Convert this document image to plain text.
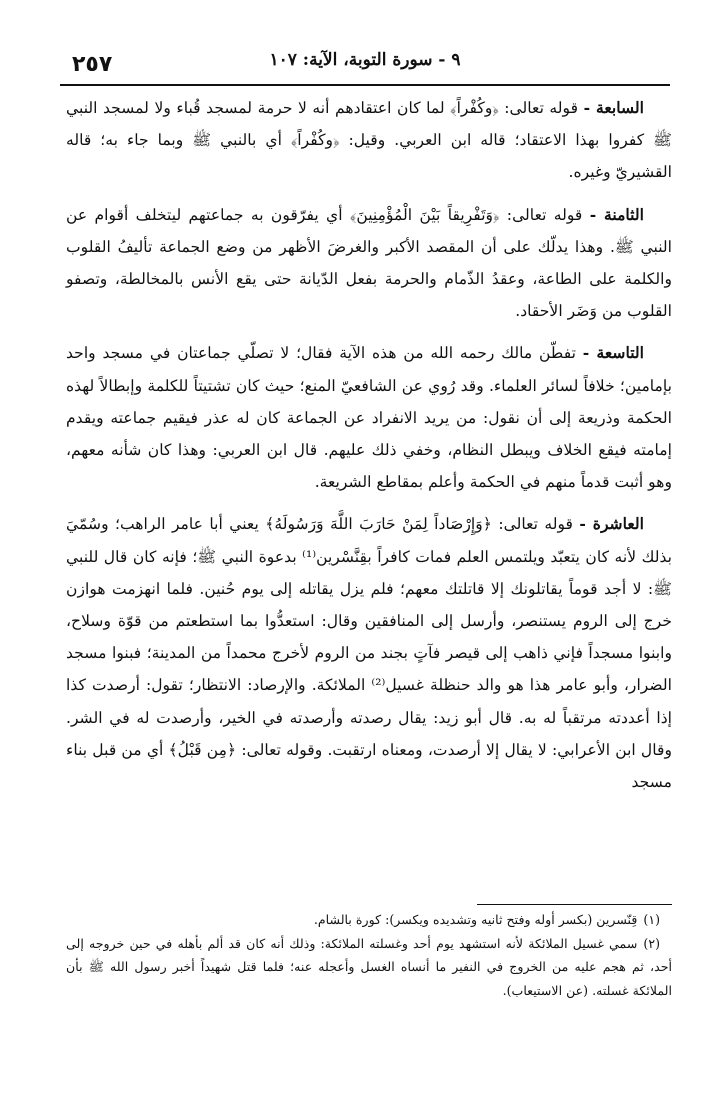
٩ - سورة التوبة، الآية: ١٠٧
٢٥٧

السابعة - قوله تعالى: ﴿وكُفْراً﴾ لما كان اعتقادهم أنه لا حرمة لمسجد قُباء ولا لمسجد النبي ﷺ كفروا بهذا الاعتقاد؛ قاله ابن العربي. وقيل: ﴿وكُفْراً﴾ أي بالنبي ﷺ وبما جاء به؛ قاله القشيريّ وغيره.

الثامنة - قوله تعالى: ﴿وَتَفْرِيقاً بَيْنَ الْمُؤْمِنِينَ﴾ أي يفرّقون به جماعتهم ليتخلف أقوام عن النبي ﷺ. وهذا يدلّك على أن المقصد الأكبر والغرضَ الأظهر من وضع الجماعة تأليفُ القلوب والكلمة على الطاعة، وعقدُ الذّمام والحرمة بفعل الدّيانة حتى يقع الأنس بالمخالطة، وتصفو القلوب من وَضَر الأحقاد.

التاسعة - تفطّن مالك رحمه الله من هذه الآية فقال؛ لا تصلّي جماعتان في مسجد واحد بإمامين؛ خلافاً لسائر العلماء. وقد رُوي عن الشافعيّ المنع؛ حيث كان تشتيتاً للكلمة وإبطالاً لهذه الحكمة وذريعة إلى أن نقول: من يريد الانفراد عن الجماعة كان له عذر فيقيم جماعته ويقدم إمامته فيقع الخلاف ويبطل النظام، وخفي ذلك عليهم. قال ابن العربي: وهذا كان شأنه معهم، وهو أثبت قدماً منهم في الحكمة وأعلم بمقاطع الشريعة.

العاشرة - قوله تعالى: ﴿وَإِرْصَاداً لِمَنْ حَارَبَ اللَّهَ وَرَسُولَهُ﴾ يعني أبا عامر الراهب؛ وسُمّيَ بذلك لأنه كان يتعبّد ويلتمس العلم فمات كافراً بقِنَّسْرين⁽¹⁾ بدعوة النبي ﷺ؛ فإنه كان قال للنبي ﷺ: لا أجد قوماً يقاتلونك إلا قاتلتك معهم؛ فلم يزل يقاتله إلى يوم حُنين. فلما انهزمت هوازن خرج إلى الروم يستنصر، وأرسل إلى المنافقين وقال: استعدُّوا بما استطعتم من قوّة وسلاح، وابنوا مسجداً فإني ذاهب إلى قيصر فآتٍ بجند من الروم لأخرج محمداً من المدينة؛ فبنوا مسجد الضرار، وأبو عامر هذا هو والد حنظلة غسيل⁽²⁾ الملائكة. والإرصاد: الانتظار؛ تقول: أرصدت كذا إذا أعددته مرتقباً له به. قال أبو زيد: يقال رصدته وأرصدته في الخير، وأرصدت له في الشر. وقال ابن الأعرابي: لا يقال إلا أرصدت، ومعناه ارتقبت. وقوله تعالى: ﴿مِن قَبْلُ﴾ أي من قبل بناء مسجد

(١)قِنّسرين (بكسر أوله وفتح ثانيه وتشديده ويكسر): كورة بالشام.

(٢)سمي غسيل الملائكة لأنه استشهد يوم أحد وغسلته الملائكة: وذلك أنه كان قد ألم بأهله في حين خروجه إلى أحد، ثم هجم عليه من الخروج في النفير ما أنساه الغسل وأعجله عنه؛ فلما قتل شهيداً أخبر رسول الله ﷺ بأن الملائكة غسلته. (عن الاستيعاب).
